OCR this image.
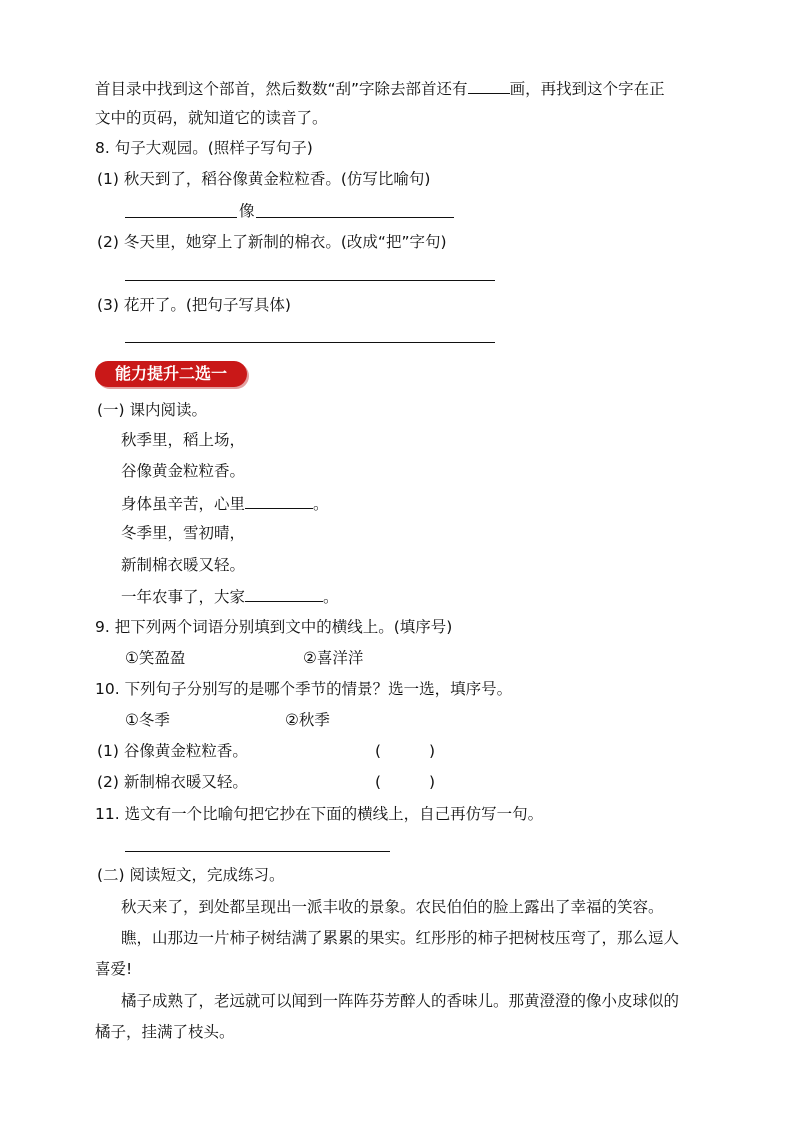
首目录中找到这个部首，然后数数“刮”字除去部首还有	画，再找到这个字在正
文中的页码，就知道它的读音了。
8. 句子大观园。(照样子写句子)
(1) 秋天到了，稻谷像黄金粒粒香。(仿写比喻句)
像
(2) 冬天里，她穿上了新制的棉衣。(改成“把”字句)
(3) 花开了。(把句子写具体)
能力提升二选一
(一) 课内阅读。
秋季里，稻上场，
谷像黄金粒粒香。
身体虽辛苦，心里	。
冬季里，雪初晴，
新制棉衣暖又轻。
一年农事了，大家	。
9. 把下列两个词语分别填到文中的横线上。(填序号)
①笑盈盈	②喜洋洋
10. 下列句子分别写的是哪个季节的情景？选一选，填序号。
①冬季	②秋季
(1) 谷像黄金粒粒香。	(	)
(2) 新制棉衣暖又轻。	(	)
11. 选文有一个比喻句把它抄在下面的横线上，自己再仿写一句。
(二) 阅读短文，完成练习。
秋天来了，到处都呈现出一派丰收的景象。农民伯伯的脸上露出了幸福的笑容。
瞧，山那边一片柿子树结满了累累的果实。红彤彤的柿子把树枝压弯了，那么逗人
喜爱!
橘子成熟了，老远就可以闻到一阵阵芬芳醉人的香味儿。那黄澄澄的像小皮球似的
橘子，挂满了枝头。
